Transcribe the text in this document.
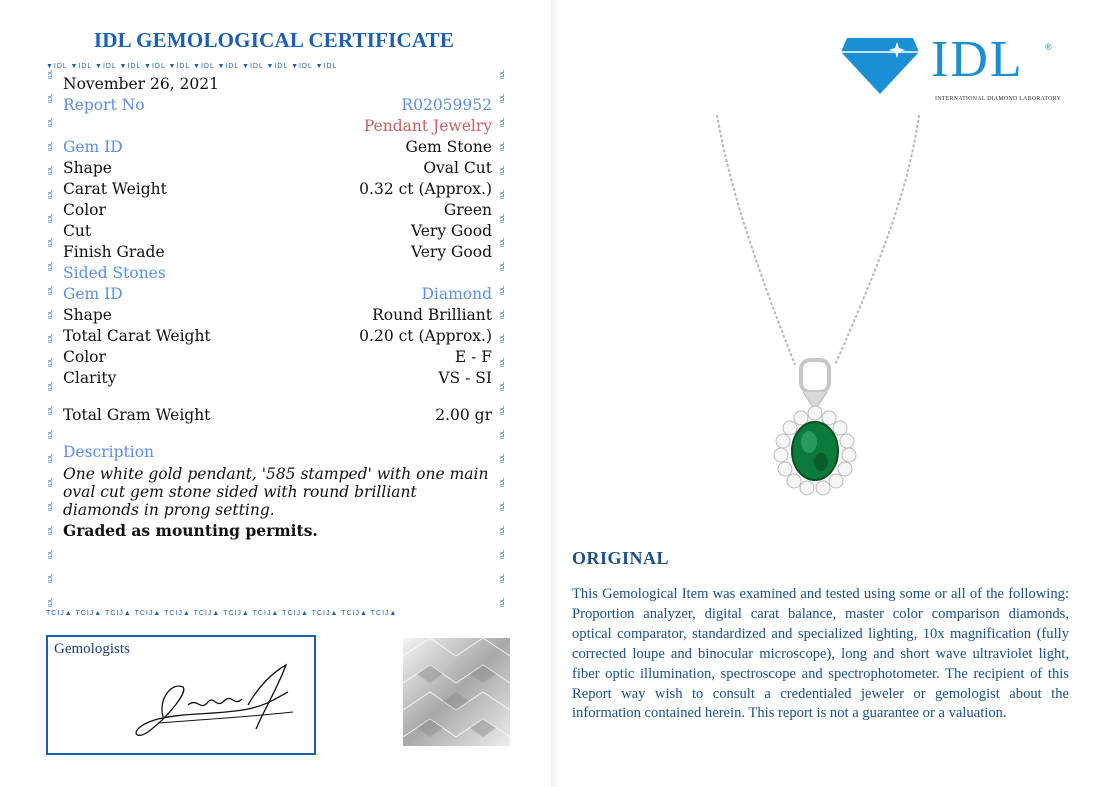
IDL GEMOLOGICAL CERTIFICATE
▼IDL ▼IDL ▼IDL ▼IDL ▼IDL ▼IDL ▼IDL ▼IDL ▼IDL ▼IDL ▼IDL ▼IDL
TCIJ▲ TCIJ▲ TCIJ▲ TCIJ▲ TCIJ▲ TCIJ▲ TCIJ▲ TCIJ▲ TCIJ▲ TCIJ▲ TCIJ▲ TCIJ▲
IDL
IDL
IDL
IDL
IDL
IDL
IDL
IDL
IDL
IDL
IDL
IDL
IDL
IDL
IDL
IDL
IDL
IDL
IDL
IDL
IDL
IDL
IDL
IDL
IDL
IDL
IDL
IDL
IDL
IDL
IDL
IDL
IDL
IDL
IDL
IDL
IDL
IDL
IDL
IDL
IDL
IDL
IDL
IDL
IDL
IDL
November 26, 2021
Report No	R02059952
Pendant Jewelry
Gem ID	Gem Stone
Shape	Oval Cut
Carat Weight	0.32 ct (Approx.)
Color	Green
Cut	Very Good
Finish Grade	Very Good
Sided Stones
Gem ID	Diamond
Shape	Round Brilliant
Total Carat Weight	0.20 ct (Approx.)
Color	E - F
Clarity	VS - SI
Total Gram Weight	2.00 gr
Description
One white gold pendant, '585 stamped' with one main oval cut gem stone sided with round brilliant diamonds in prong setting.
Graded as mounting permits.
Gemologists
IDL ®
INTERNATIONAL DIAMOND LABORATORY
ORIGINAL
This Gemological Item was examined and tested using some or all of the following: Proportion analyzer, digital carat balance, master color comparison diamonds, optical comparator, standardized and specialized lighting, 10x magnification (fully corrected loupe and binocular microscope), long and short wave ultraviolet light, fiber optic illumination, spectroscope and spectrophotometer. The recipient of this Report way wish to consult a credentialed jeweler or gemologist about the information contained herein. This report is not a guarantee or a valuation.
